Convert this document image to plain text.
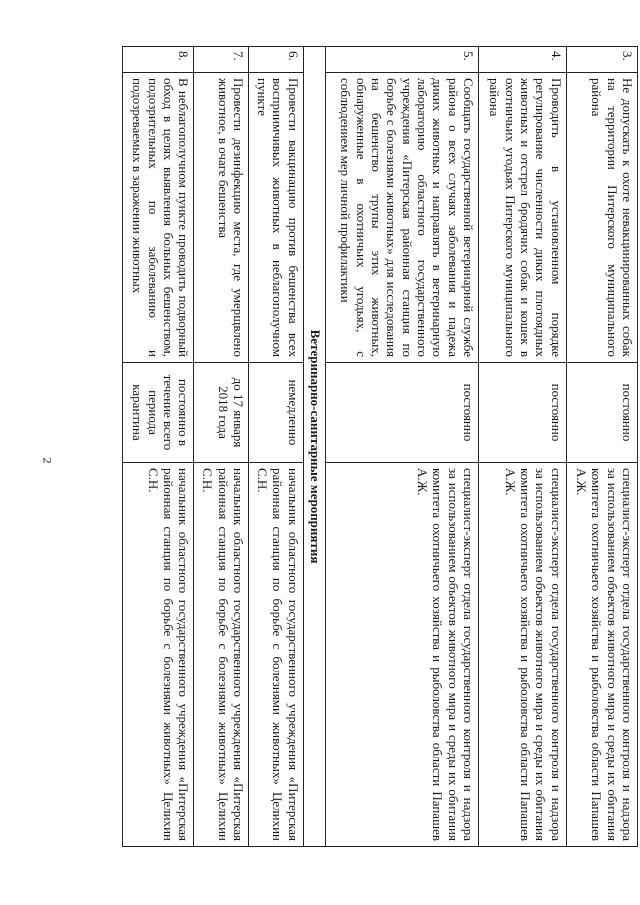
2
3.	Не допускать к охоте невакцинированных собак на территории Питерского муниципального района	постоянно	специалист-эксперт отдела государственного контроля и надзора за использованием объектов животного мира и среды их обитания комитета охотничьего хозяйства и рыболовства области Папашев А.Ж.
4.	Проводить в установленном порядке регулирование численности диких плотоядных животных и отстрел бродячих собак и кошек в охотничьих угодьях Питерского муниципального района	постоянно	специалист-эксперт отдела государственного контроля и надзора за использованием объектов животного мира и среды их обитания комитета охотничьего хозяйства и рыболовства области Папашев А.Ж.
5.	Сообщать государственной ветеринарной службе района о всех случаях заболевания и падежа диких животных и направлять в ветеринарную лабораторию областного государственного учреждения «Питерская районная станция по борьбе с болезнями животных» для исследования на бешенство трупы этих животных, обнаруженные в охотничьих угодьях, с соблюдением мер личной профилактики	постоянно	специалист-эксперт отдела государственного контроля и надзора за использованием объектов животного мира и среды их обитания комитета охотничьего хозяйства и рыболовства области Папашев А.Ж.
Ветеринарно-санитарные мероприятия			
6.	Провести вакцинацию против бешенства всех восприимчивых животных в неблагополучном пункте	немедленно	начальник областного государственного учреждения «Питерская районная станция по борьбе с болезнями животных» Целихин С.Н.
7.	Провести дезинфекцию места, где умерщвлено животное, в очаге бешенства	до 17 января 2018 года	начальник областного государственного учреждения «Питерская районная станция по борьбе с болезнями животных» Целихин С.Н.
8.	В неблагополучном пункте проводить подворный обход в целях выявления больных бешенством, подозрительных по заболеванию и подозреваемых в заражении животных	постоянно в течение всего периода карантина	начальник областного государственного учреждения «Питерская районная станция по борьбе с болезнями животных» Целихин С.Н.
